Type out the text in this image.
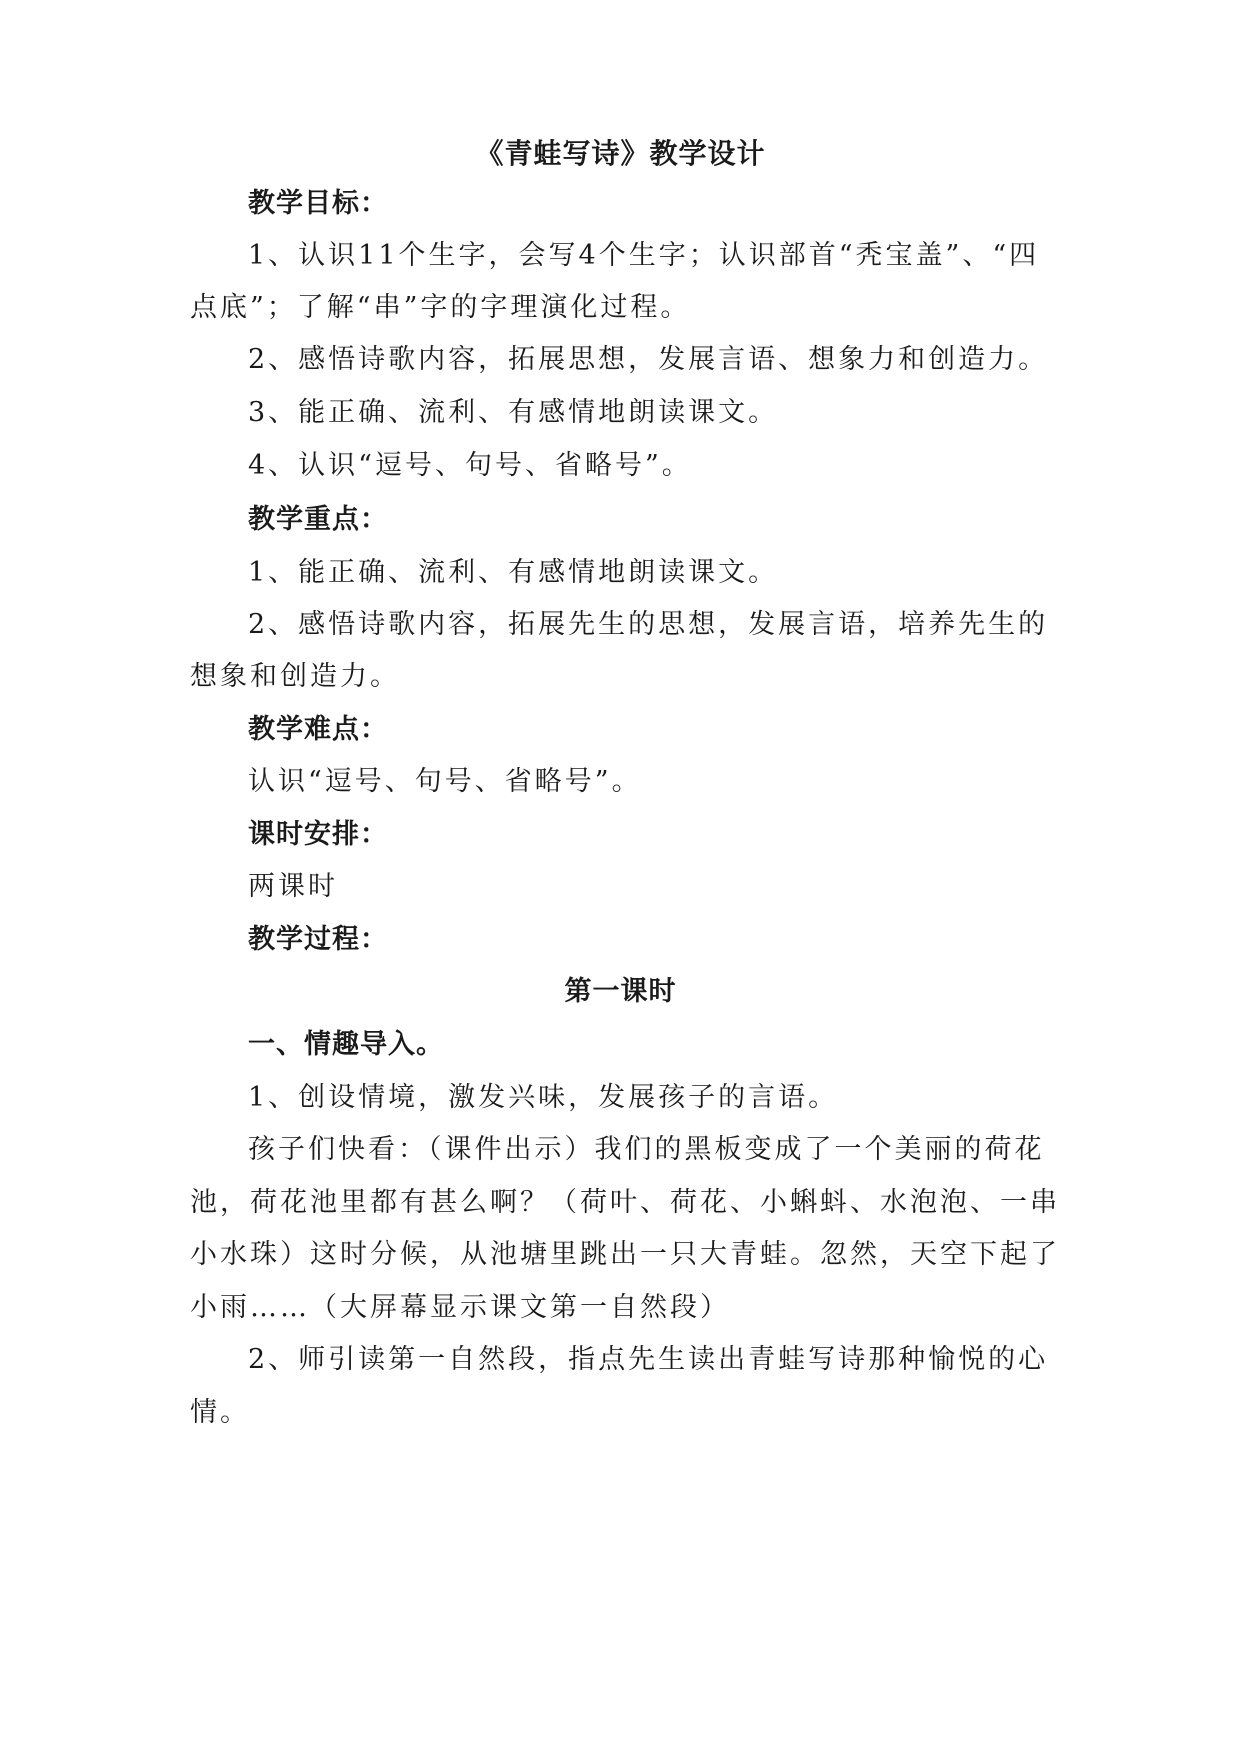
《青蛙写诗》教学设计
教学目标：
1、认识11个生字，会写4个生字；认识部首“秃宝盖”、“四
点底”；了解“串”字的字理演化过程。
2、感悟诗歌内容，拓展思想，发展言语、想象力和创造力。
3、能正确、流利、有感情地朗读课文。
4、认识“逗号、句号、省略号”。
教学重点：
1、能正确、流利、有感情地朗读课文。
2、感悟诗歌内容，拓展先生的思想，发展言语，培养先生的
想象和创造力。
教学难点：
认识“逗号、句号、省略号”。
课时安排：
两课时
教学过程：
第一课时
一、情趣导入。
1、创设情境，激发兴味，发展孩子的言语。
孩子们快看：（课件出示）我们的黑板变成了一个美丽的荷花
池，荷花池里都有甚么啊？（荷叶、荷花、小蝌蚪、水泡泡、一串
小水珠）这时分候，从池塘里跳出一只大青蛙。忽然，天空下起了
小雨……（大屏幕显示课文第一自然段）
2、师引读第一自然段，指点先生读出青蛙写诗那种愉悦的心
情。
